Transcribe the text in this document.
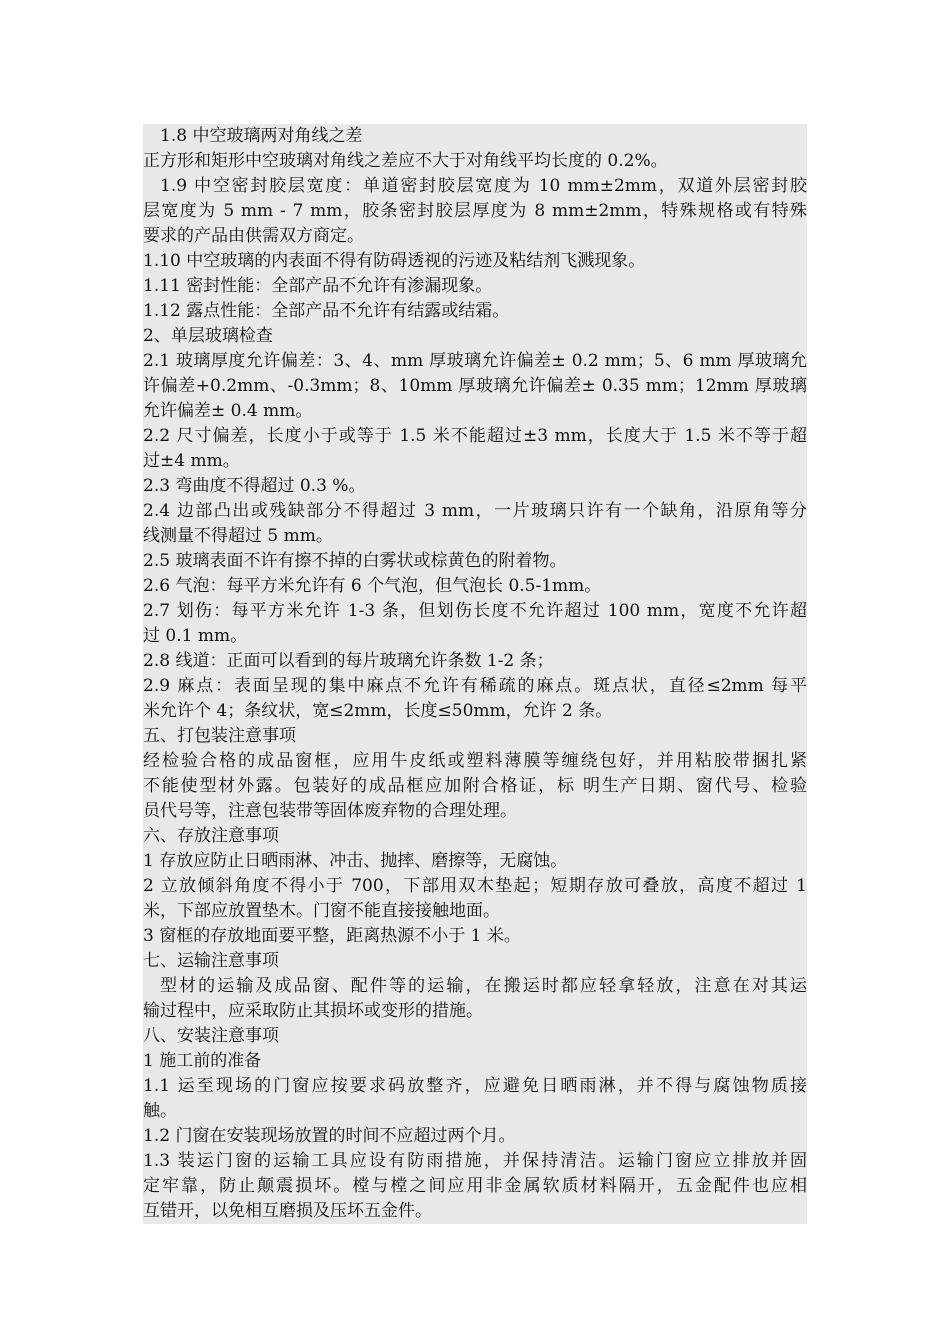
1.8 中空玻璃两对角线之差
正方形和矩形中空玻璃对角线之差应不大于对角线平均长度的 0.2%。
1.9 中空密封胶层宽度：单道密封胶层宽度为 10 mm±2mm，双道外层密封胶
层宽度为 5 mm - 7 mm，胶条密封胶层厚度为 8 mm±2mm，特殊规格或有特殊
要求的产品由供需双方商定。
1.10 中空玻璃的内表面不得有防碍透视的污迹及粘结剂飞溅现象。
1.11 密封性能：全部产品不允许有渗漏现象。
1.12 露点性能：全部产品不允许有结露或结霜。
2、单层玻璃检查
2.1 玻璃厚度允许偏差：3、4、mm 厚玻璃允许偏差± 0.2 mm；5、6 mm 厚玻璃允
许偏差+0.2mm、-0.3mm；8、10mm 厚玻璃允许偏差± 0.35 mm；12mm 厚玻璃
允许偏差± 0.4 mm。
2.2 尺寸偏差，长度小于或等于 1.5 米不能超过±3 mm，长度大于 1.5 米不等于超
过±4 mm。
2.3 弯曲度不得超过 0.3 %。
2.4 边部凸出或残缺部分不得超过 3 mm，一片玻璃只许有一个缺角，沿原角等分
线测量不得超过 5 mm。
2.5 玻璃表面不许有擦不掉的白雾状或棕黄色的附着物。
2.6 气泡：每平方米允许有 6 个气泡，但气泡长 0.5-1mm。
2.7 划伤：每平方米允许 1-3 条，但划伤长度不允许超过 100 mm，宽度不允许超
过 0.1 mm。
2.8 线道：正面可以看到的每片玻璃允许条数 1-2 条；
2.9 麻点：表面呈现的集中麻点不允许有稀疏的麻点。斑点状，直径≤2mm 每平
米允许个 4；条纹状，宽≤2mm，长度≤50mm，允许 2 条。
五、打包装注意事项
经检验合格的成品窗框，应用牛皮纸或塑料薄膜等缠绕包好，并用粘胶带捆扎紧
不能使型材外露。包装好的成品框应加附合格证，标 明生产日期、窗代号、检验
员代号等，注意包装带等固体废弃物的合理处理。
六、存放注意事项
1 存放应防止日晒雨淋、冲击、抛摔、磨擦等，无腐蚀。
2 立放倾斜角度不得小于 700，下部用双木垫起；短期存放可叠放，高度不超过 1
米，下部应放置垫木。门窗不能直接接触地面。
3 窗框的存放地面要平整，距离热源不小于 1 米。
七、运输注意事项
型材的运输及成品窗、配件等的运输，在搬运时都应轻拿轻放，注意在对其运
输过程中，应采取防止其损坏或变形的措施。
八、安装注意事项
1 施工前的准备
1.1 运至现场的门窗应按要求码放整齐，应避免日晒雨淋，并不得与腐蚀物质接
触。
1.2 门窗在安装现场放置的时间不应超过两个月。
1.3 装运门窗的运输工具应设有防雨措施，并保持清洁。运输门窗应立排放并固
定牢靠，防止颠震损坏。樘与樘之间应用非金属软质材料隔开，五金配件也应相
互错开，以免相互磨损及压坏五金件。
